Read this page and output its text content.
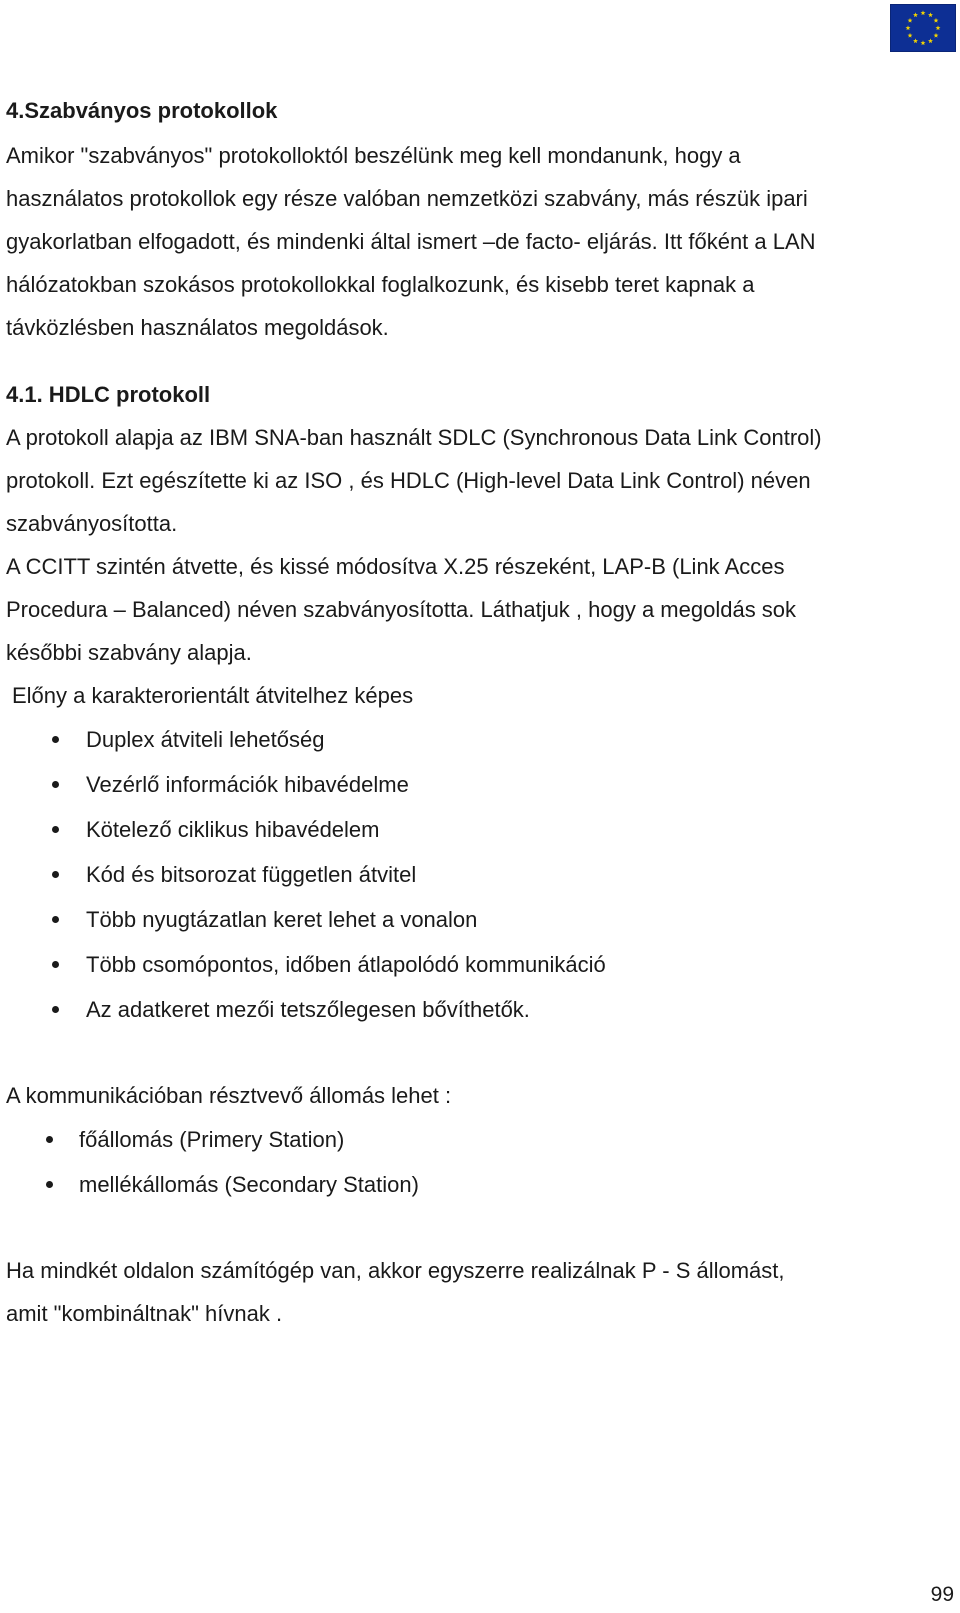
4.Szabványos protokollok
Amikor "szabványos" protokolloktól beszélünk meg kell mondanunk, hogy a
használatos protokollok egy része valóban nemzetközi szabvány, más részük ipari
gyakorlatban elfogadott, és mindenki által ismert –de facto- eljárás. Itt főként a LAN
hálózatokban szokásos protokollokkal foglalkozunk, és kisebb teret kapnak a
távközlésben használatos megoldások.
4.1. HDLC protokoll
A protokoll alapja az IBM SNA-ban használt SDLC (Synchronous Data Link Control)
protokoll. Ezt egészítette ki az ISO , és HDLC (High-level Data Link Control) néven
szabványosította.
A CCITT szintén átvette, és kissé módosítva X.25 részeként, LAP-B (Link Acces
Procedura – Balanced) néven szabványosította. Láthatjuk , hogy a megoldás sok
későbbi szabvány alapja.
Előny a karakterorientált átvitelhez képes
Duplex átviteli lehetőség
Vezérlő információk hibavédelme
Kötelező ciklikus hibavédelem
Kód és bitsorozat független átvitel
Több nyugtázatlan keret lehet a vonalon
Több csomópontos, időben átlapolódó kommunikáció
Az adatkeret mezői tetszőlegesen bővíthetők.
A kommunikációban résztvevő állomás lehet :
főállomás (Primery Station)
mellékállomás (Secondary Station)
Ha mindkét oldalon számítógép van, akkor egyszerre realizálnak P - S állomást,
amit "kombináltnak" hívnak .
99
